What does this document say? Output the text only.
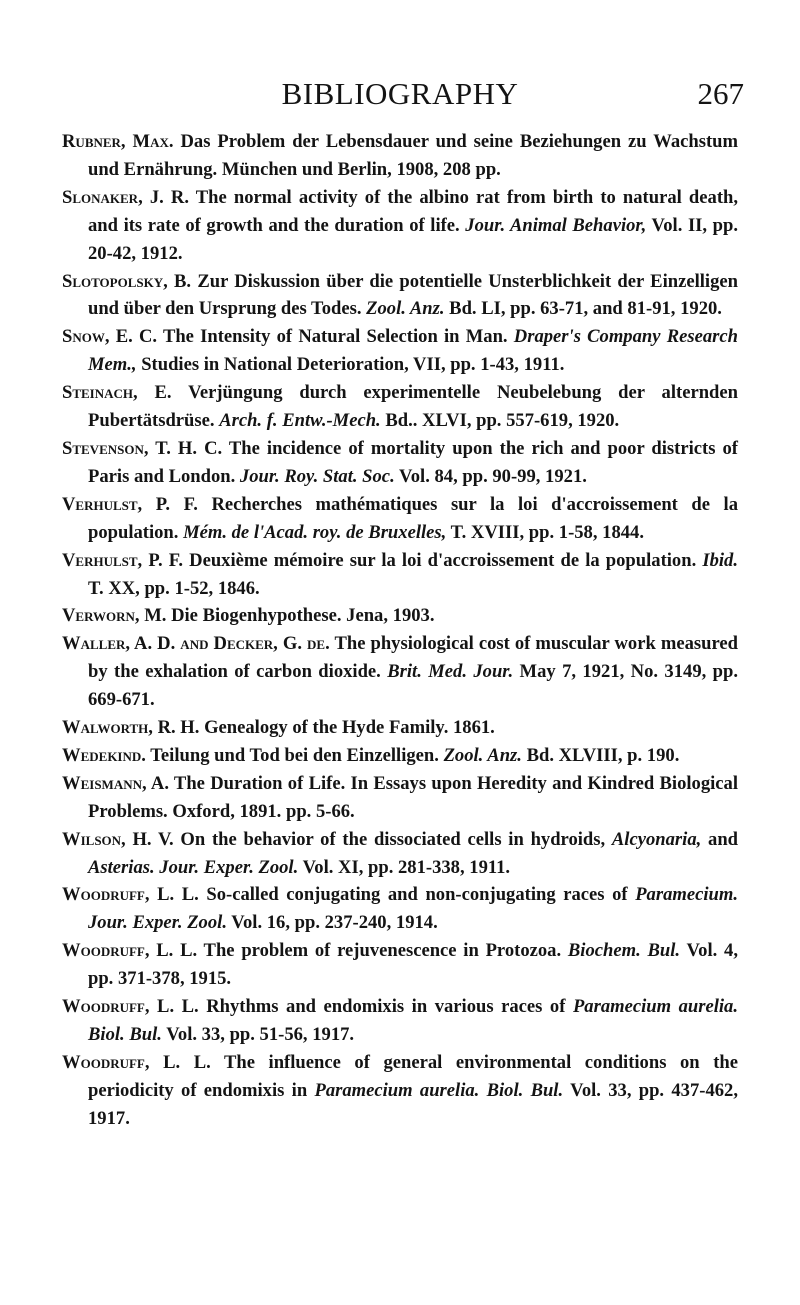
BIBLIOGRAPHY	267
Rubner, Max. Das Problem der Lebensdauer und seine Beziehungen zu Wachstum und Ernährung. München und Berlin, 1908, 208 pp.
Slonaker, J. R. The normal activity of the albino rat from birth to natural death, and its rate of growth and the duration of life. Jour. Animal Behavior, Vol. II, pp. 20-42, 1912.
Slotopolsky, B. Zur Diskussion über die potentielle Unsterblichkeit der Einzelligen und über den Ursprung des Todes. Zool. Anz. Bd. LI, pp. 63-71, and 81-91, 1920.
Snow, E. C. The Intensity of Natural Selection in Man. Draper's Company Research Mem., Studies in National Deterioration, VII, pp. 1-43, 1911.
Steinach, E. Verjüngung durch experimentelle Neubelebung der alternden Pubertätsdrüse. Arch. f. Entw.-Mech. Bd.. XLVI, pp. 557-619, 1920.
Stevenson, T. H. C. The incidence of mortality upon the rich and poor districts of Paris and London. Jour. Roy. Stat. Soc. Vol. 84, pp. 90-99, 1921.
Verhulst, P. F. Recherches mathématiques sur la loi d'accroissement de la population. Mém. de l'Acad. roy. de Bruxelles, T. XVIII, pp. 1-58, 1844.
Verhulst, P. F. Deuxième mémoire sur la loi d'accroissement de la population. Ibid. T. XX, pp. 1-52, 1846.
Verworn, M. Die Biogenhypothese. Jena, 1903.
Waller, A. D. and Decker, G. de. The physiological cost of muscular work measured by the exhalation of carbon dioxide. Brit. Med. Jour. May 7, 1921, No. 3149, pp. 669-671.
Walworth, R. H. Genealogy of the Hyde Family. 1861.
Wedekind. Teilung und Tod bei den Einzelligen. Zool. Anz. Bd. XLVIII, p. 190.
Weismann, A. The Duration of Life. In Essays upon Heredity and Kindred Biological Problems. Oxford, 1891. pp. 5-66.
Wilson, H. V. On the behavior of the dissociated cells in hydroids, Alcyonaria, and Asterias. Jour. Exper. Zool. Vol. XI, pp. 281-338, 1911.
Woodruff, L. L. So-called conjugating and non-conjugating races of Paramecium. Jour. Exper. Zool. Vol. 16, pp. 237-240, 1914.
Woodruff, L. L. The problem of rejuvenescence in Protozoa. Biochem. Bul. Vol. 4, pp. 371-378, 1915.
Woodruff, L. L. Rhythms and endomixis in various races of Paramecium aurelia. Biol. Bul. Vol. 33, pp. 51-56, 1917.
Woodruff, L. L. The influence of general environmental conditions on the periodicity of endomixis in Paramecium aurelia. Biol. Bul. Vol. 33, pp. 437-462, 1917.
